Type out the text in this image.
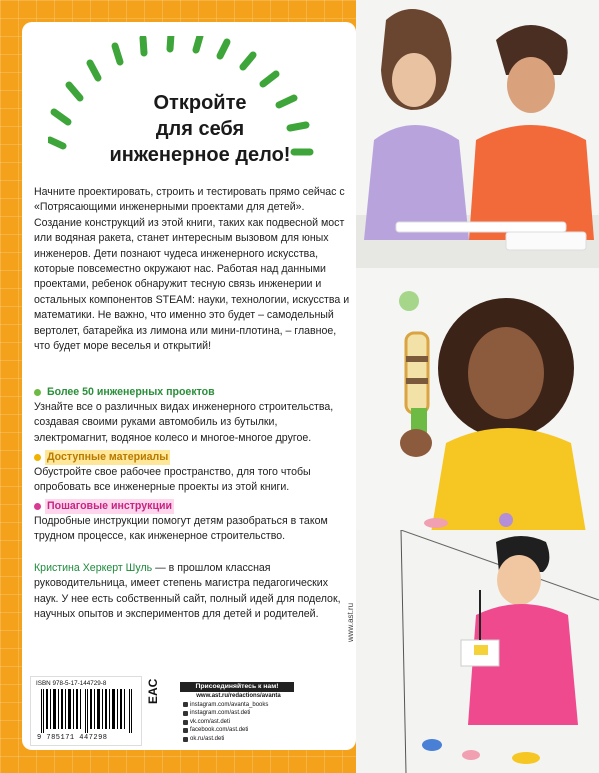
Откройте
для себя
инженерное дело!

Начните проектировать, строить и тестировать прямо сейчас с «Потрясающими инженерными проектами для детей». Создание конструкций из этой книги, таких как подвесной мост или водяная ракета, станет интересным вызовом для юных инженеров. Дети познают чудеса инженерного искусства, которые повсеместно окружают нас. Работая над данными проектами, ребенок обнаружит тесную связь инженерии и остальных компонентов STEAM: науки, технологии, искусства и математики. Не важно, что именно это будет – самодельный вертолет, батарейка из лимона или мини-плотина, – главное, что будет море веселья и открытий!

Более 50 инженерных проектов

Узнайте все о различных видах инженерного строительства, создавая своими руками автомобиль из бутылки, электромагнит, водяное колесо и многое-многое другое.

Доступные материалы

Обустройте свое рабочее пространство, для того чтобы опробовать все инженерные проекты из этой книги.

Пошаговые инструкции

Подробные инструкции помогут детям разобраться в таком трудном процессе, как инженерное строительство.

Кристина Херкерт Шуль — в прошлом классная руководительница, имеет степень магистра педагогических наук. У нее есть собственный сайт, полный идей для поделок, научных опытов и экспериментов для детей и родителей.	www.ast.ru
ISBN 978-5-17-144729-8
9 785171 447298
EAC	Присоединяйтесь к нам!
www.ast.ru/redactions/avanta
instagram.com/avanta_books
instagram.com/ast.deti
vk.com/ast.deti
facebook.com/ast.deti
ok.ru/ast.deti
0+
6+
